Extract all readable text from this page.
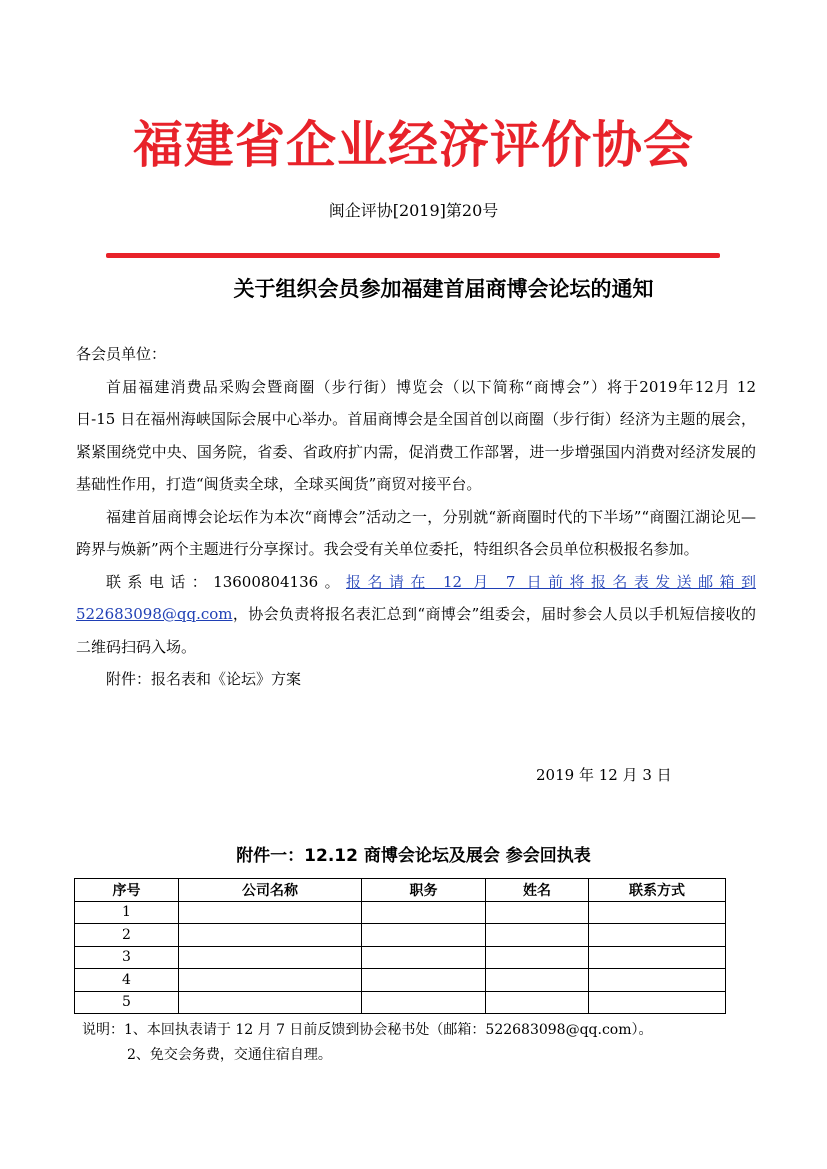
福建省企业经济评价协会
闽企评协[2019]第20号
关于组织会员参加福建首届商博会论坛的通知

各会员单位：

首届福建消费品采购会暨商圈（步行街）博览会（以下简称“商博会”）将于2019年12月 12 日-15 日在福州海峡国际会展中心举办。首届商博会是全国首创以商圈（步行街）经济为主题的展会，紧紧围绕党中央、国务院，省委、省政府扩内需，促消费工作部署，进一步增强国内消费对经济发展的基础性作用，打造“闽货卖全球，全球买闽货”商贸对接平台。

福建首届商博会论坛作为本次“商博会”活动之一，分别就“新商圈时代的下半场”“商圈江湖论见—跨界与焕新”两个主题进行分享探讨。我会受有关单位委托，特组织各会员单位积极报名参加。

联系电话：13600804136。报名请在 12 月 7 日前将报名表发送邮箱到 522683098@qq.com，协会负责将报名表汇总到“商博会”组委会，届时参会人员以手机短信接收的二维码扫码入场。

附件：报名表和《论坛》方案

2019 年 12 月 3 日
附件一：12.12 商博会论坛及展会 参会回执表
序号	公司名称	职务	姓名	联系方式
1				
2				
3				
4				
5				
说明：1、本回执表请于 12 月 7 日前反馈到协会秘书处（邮箱：522683098@qq.com）。
2、免交会务费，交通住宿自理。
